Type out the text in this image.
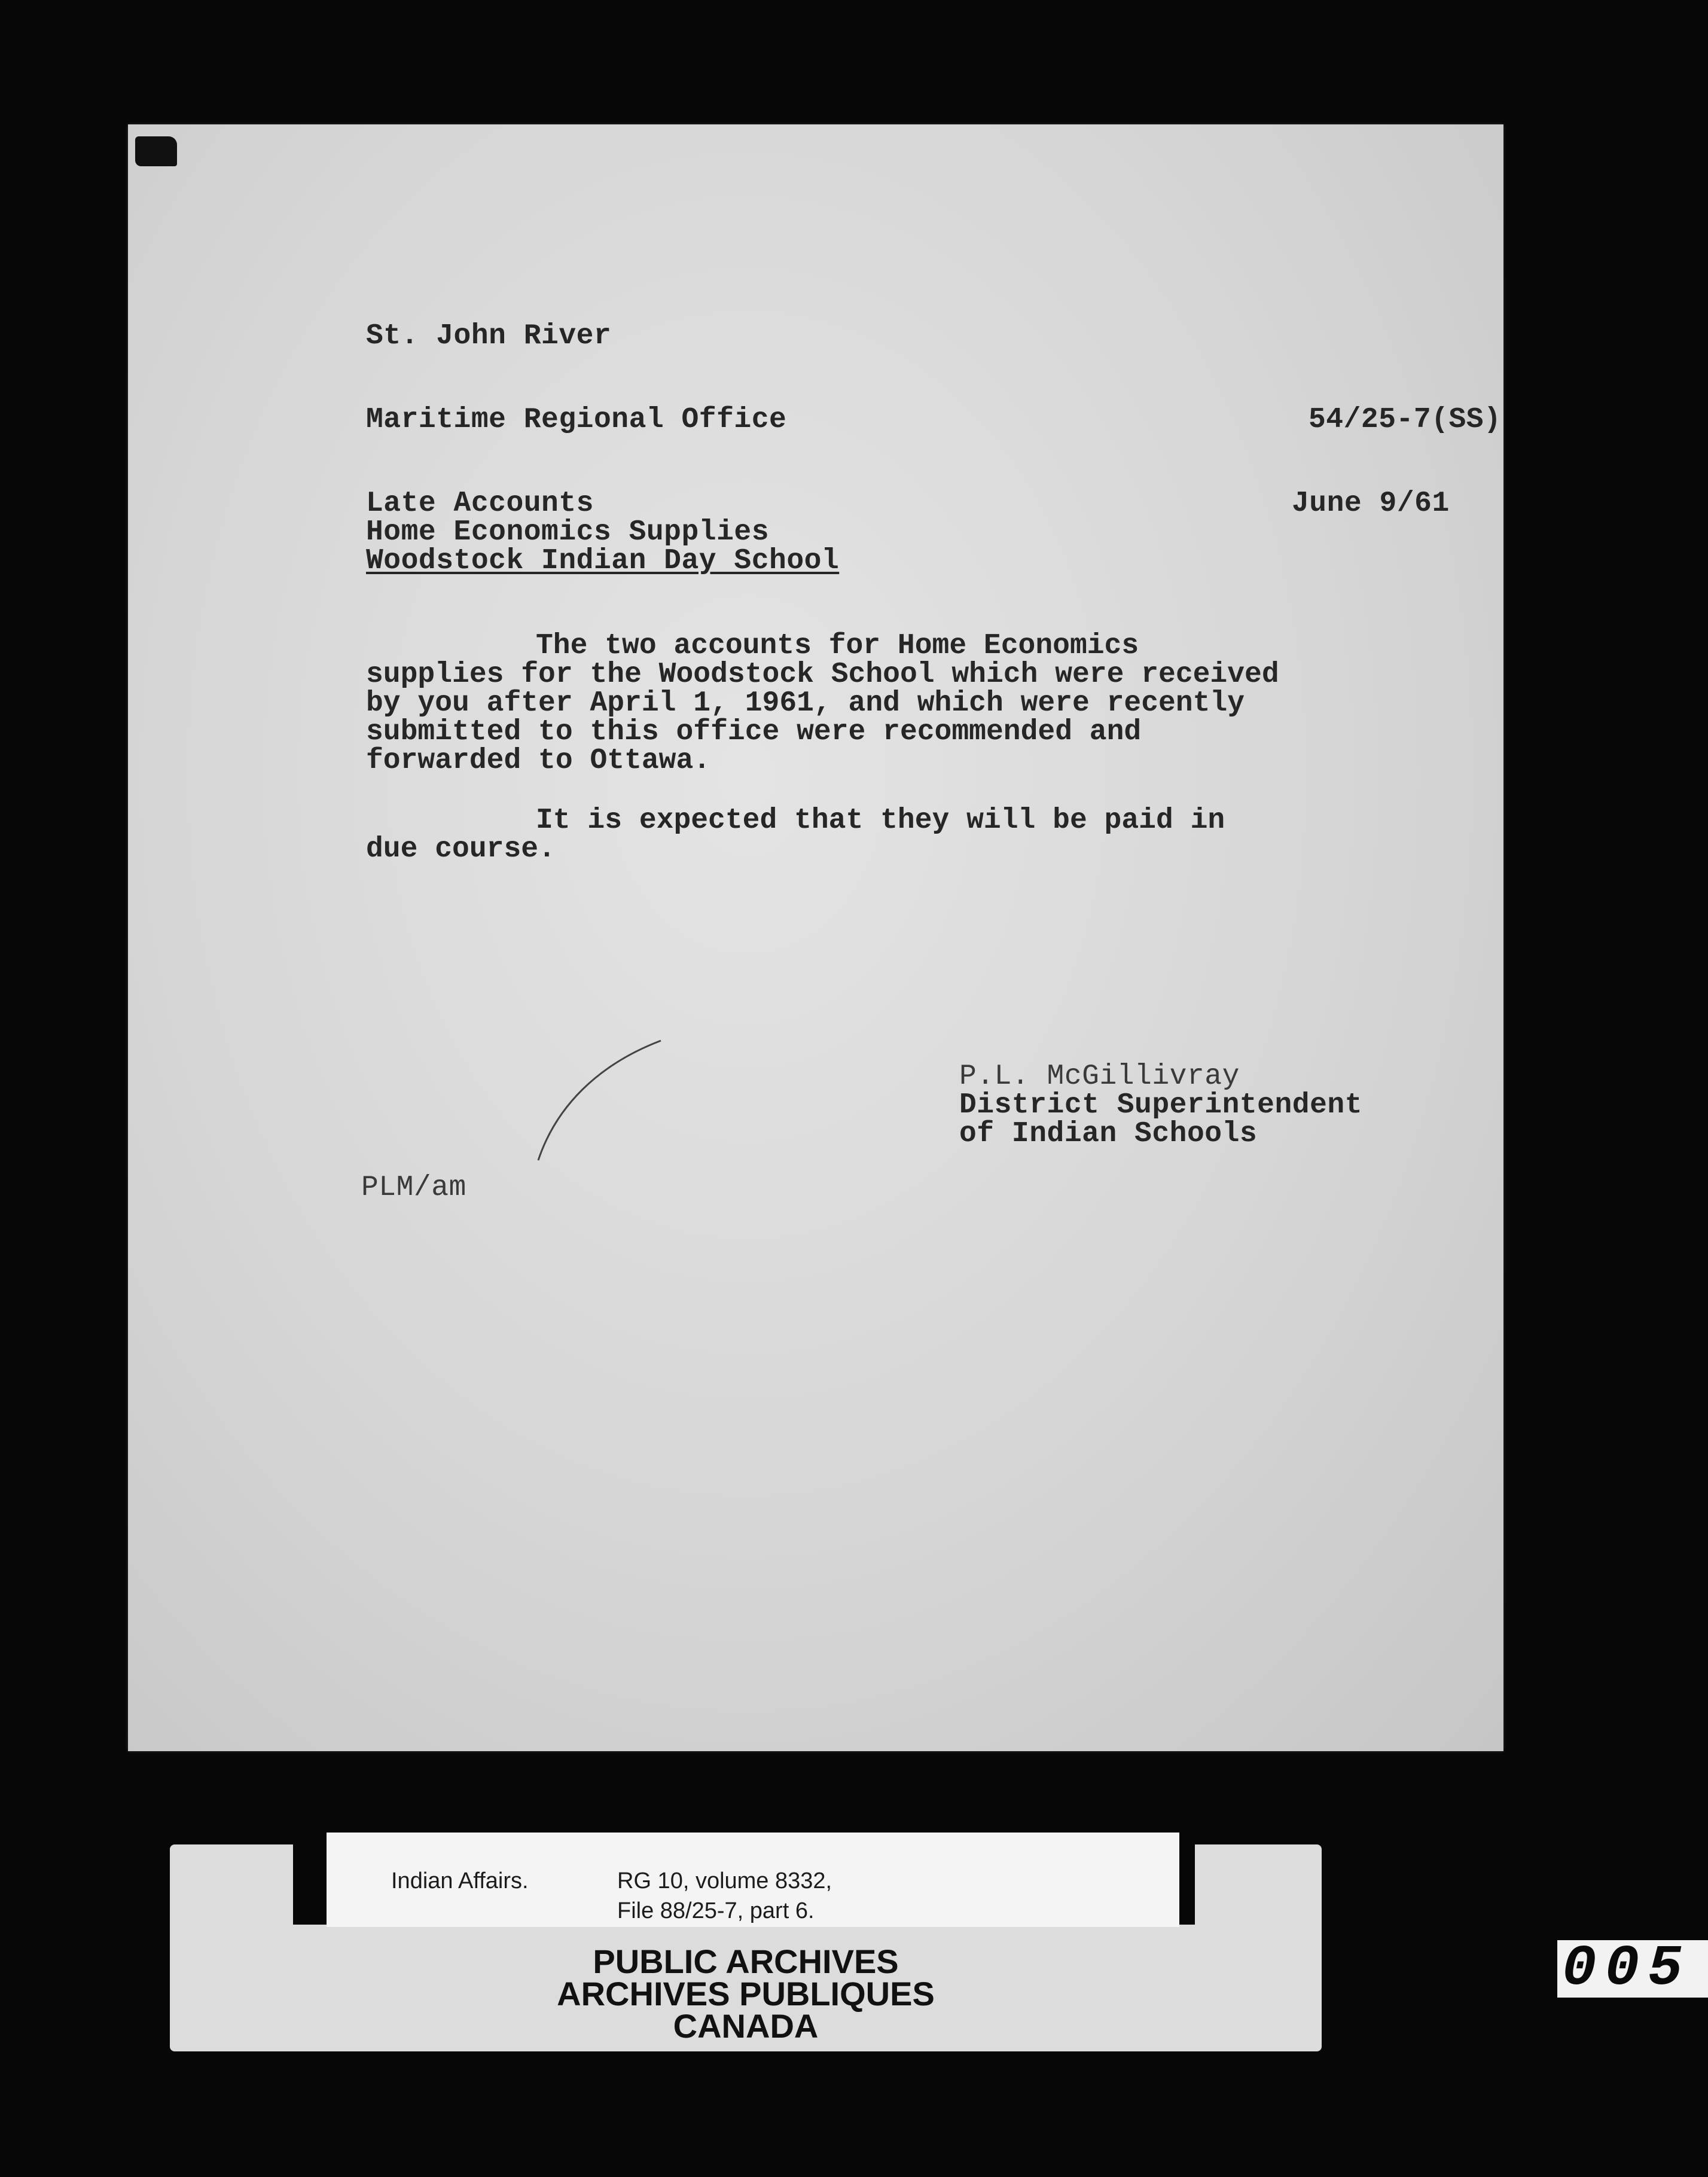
St. John River
Maritime Regional Office	54/25-7(SS)
Late Accounts
Home Economics Supplies
Woodstock Indian Day School
June 9/61
The two accounts for Home Economics
supplies for the Woodstock School which were received
by you after April 1, 1961, and which were recently
submitted to this office were recommended and
forwarded to Ottawa.
It is expected that they will be paid in
due course.
P.L. McGillivray
District Superintendent
of Indian Schools
PLM/am
Indian Affairs.	RG 10, volume 8332,
File 88/25-7, part 6.
PUBLIC ARCHIVES
ARCHIVES PUBLIQUES
CANADA
005
